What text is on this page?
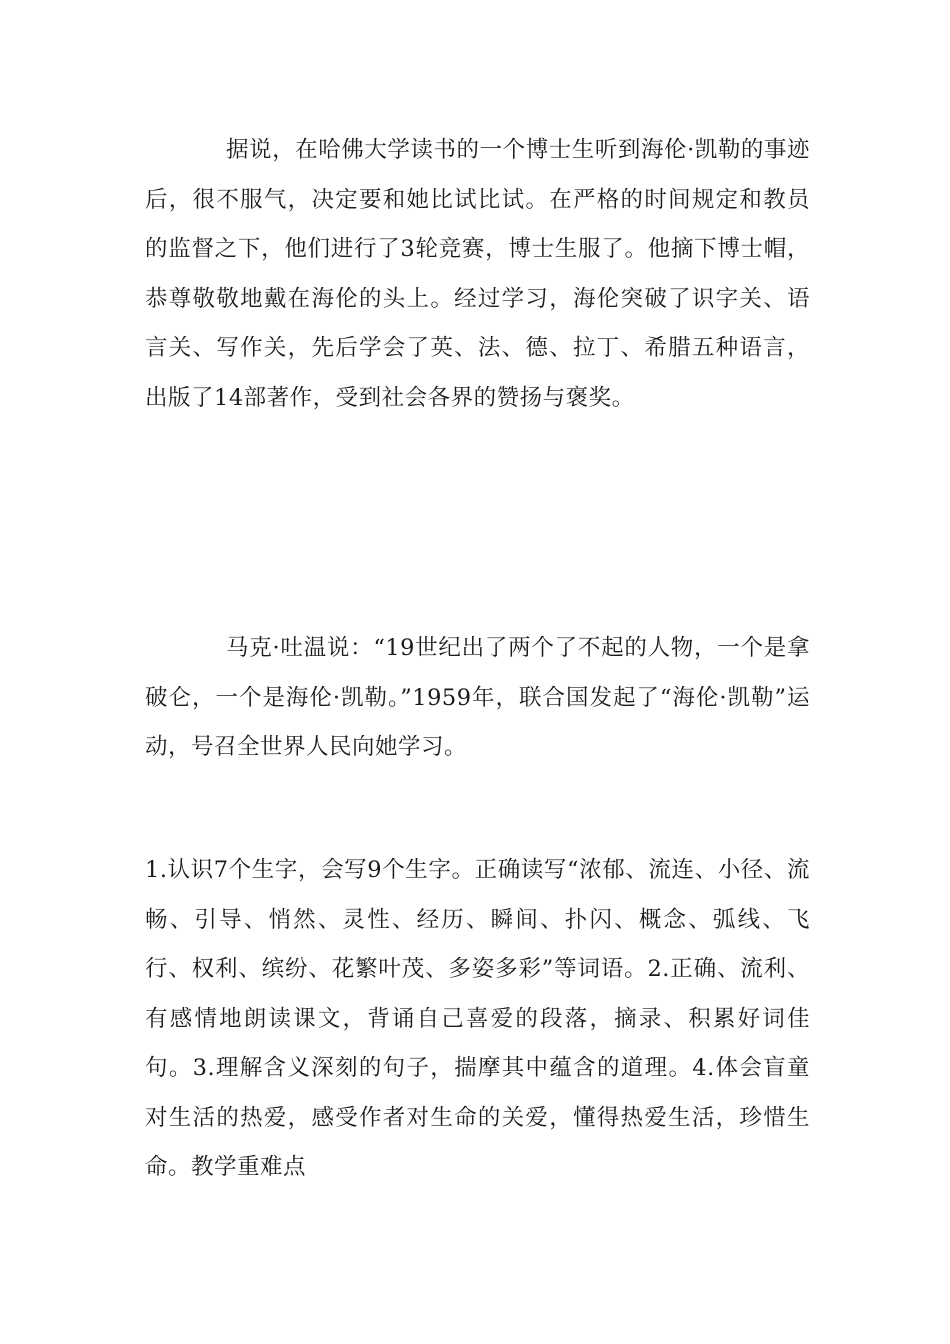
据说，在哈佛大学读书的一个博士生听到海伦·凯勒的事迹后，很不服气，决定要和她比试比试。在严格的时间规定和教员的监督之下，他们进行了3轮竞赛，博士生服了。他摘下博士帽，恭尊敬敬地戴在海伦的头上。经过学习，海伦突破了识字关、语言关、写作关，先后学会了英、法、德、拉丁、希腊五种语言，出版了14部著作，受到社会各界的赞扬与褒奖。

马克·吐温说：“19世纪出了两个了不起的人物，一个是拿破仑，一个是海伦·凯勒。”1959年，联合国发起了“海伦·凯勒”运动，号召全世界人民向她学习。

1.认识7个生字，会写9个生字。正确读写“浓郁、流连、小径、流畅、引导、悄然、灵性、经历、瞬间、扑闪、概念、弧线、飞行、权利、缤纷、花繁叶茂、多姿多彩”等词语。2.正确、流利、有感情地朗读课文，背诵自己喜爱的段落，摘录、积累好词佳句。3.理解含义深刻的句子，揣摩其中蕴含的道理。4.体会盲童对生活的热爱，感受作者对生命的关爱，懂得热爱生活，珍惜生命。教学重难点
